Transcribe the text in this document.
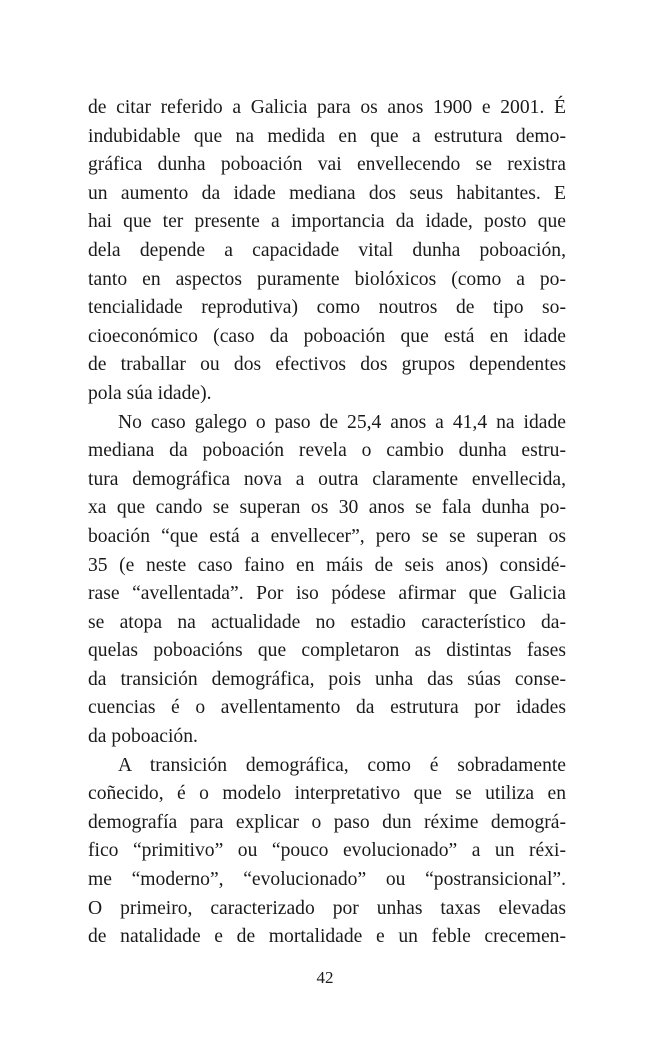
de citar referido a Galicia para os anos 1900 e 2001. É
indubidable que na medida en que a estrutura demo-
gráfica dunha poboación vai envellecendo se rexistra
un aumento da idade mediana dos seus habitantes. E
hai que ter presente a importancia da idade, posto que
dela depende a capacidade vital dunha poboación,
tanto en aspectos puramente biolóxicos (como a po-
tencialidade reprodutiva) como noutros de tipo so-
cioeconómico (caso da poboación que está en idade
de traballar ou dos efectivos dos grupos dependentes
pola súa idade).
No caso galego o paso de 25,4 anos a 41,4 na idade
mediana da poboación revela o cambio dunha estru-
tura demográfica nova a outra claramente envellecida,
xa que cando se superan os 30 anos se fala dunha po-
boación “que está a envellecer”, pero se se superan os
35 (e neste caso faino en máis de seis anos) considé-
rase “avellentada”. Por iso pódese afirmar que Galicia
se atopa na actualidade no estadio característico da-
quelas poboacións que completaron as distintas fases
da transición demográfica, pois unha das súas conse-
cuencias é o avellentamento da estrutura por idades
da poboación.
A transición demográfica, como é sobradamente
coñecido, é o modelo interpretativo que se utiliza en
demografía para explicar o paso dun réxime demográ-
fico “primitivo” ou “pouco evolucionado” a un réxi-
me “moderno”, “evolucionado” ou “postransicional”.
O primeiro, caracterizado por unhas taxas elevadas
de natalidade e de mortalidade e un feble crecemen-
42
